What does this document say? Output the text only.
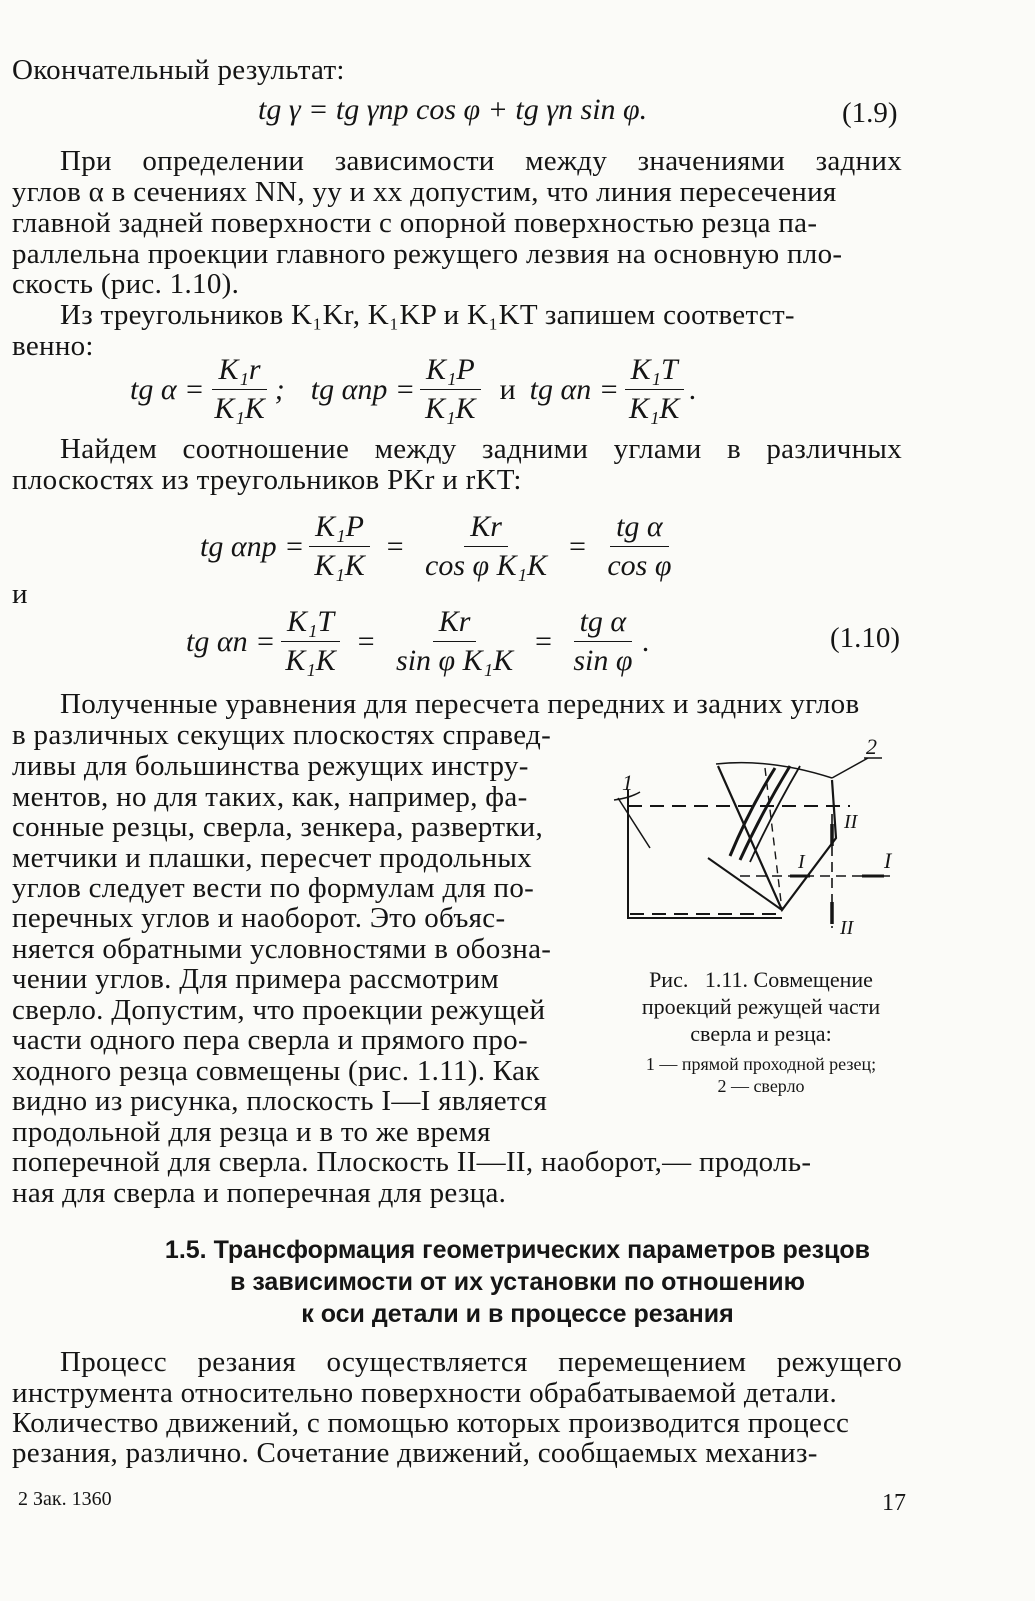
Окончательный результат:
tg γ = tg γпр cos φ + tg γп sin φ.	(1.9)
При определении зависимости между значениями задних
углов α в сечениях NN, yy и xx допустим, что линия пересечения
главной задней поверхности с опорной поверхностью резца па-
раллельна проекции главного режущего лезвия на основную пло-
скость (рис. 1.10).
Из треугольников K₁Kr, K₁KP и K₁KT запишем соответст-
венно:
tg $\alpha = \frac{\text{K₁r}}{\text{K₁K}}$ ; tg $\alpha пр = \frac{\text{K₁P}}{\text{K₁K}}$ и tg $\alpha п = \frac{\text{K₁T}}{\text{K₁K}}$ .
Найдем соотношение между задними углами в различных
плоскостях из треугольников PKr и rKT:
tg $\alpha пр = \frac{\text{K₁P}}{\text{K₁K}} = \frac{Kr}{\text{cos φ K₁K}} = \frac{\text{tg α}}{\text{cos φ}}$
и
tg $\alpha п = \frac{\text{K₁T}}{\text{K₁K}} = \frac{Kr}{\text{sin φ K₁K}} = \frac{\text{tg α}}{\text{sin φ}}$ .	(1.10)
Полученные уравнения для пересчета передних и задних углов
в различных секущих плоскостях справед-
ливы для большинства режущих инстру-
ментов, но для таких, как, например, фа-
сонные резцы, сверла, зенкера, развертки,
метчики и плашки, пересчет продольных
углов следует вести по формулам для по-
перечных углов и наоборот. Это объяс-
няется обратными условностями в обозна-
чении углов. Для примера рассмотрим
сверло. Допустим, что проекции режущей
части одного пера сверла и прямого про-
ходного резца совмещены (рис. 1.11). Как
видно из рисунка, плоскость I—I является
продольной для резца и в то же время
поперечной для сверла. Плоскость II—II, наоборот,— продоль-
ная для сверла и поперечная для резца.
1
2
II
I	I
II
Рис.   1.11. Совмещение
проекций режущей части
сверла и резца:
1 — прямой проходной резец;
2 — сверло
1.5. Трансформация геометрических параметров резцов
в зависимости от их установки по отношению
к оси детали и в процессе резания
Процесс резания осуществляется перемещением режущего
инструмента относительно поверхности обрабатываемой детали.
Количество движений, с помощью которых производится процесс
резания, различно. Сочетание движений, сообщаемых механиз-
2 Зак. 1360	17
